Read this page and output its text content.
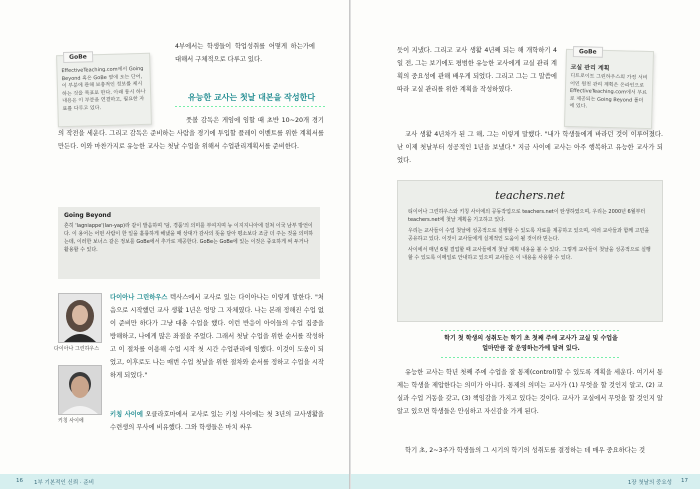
GoBe
EffectiveTeaching.com에서 Going Beyond 혹은 GoBe 옆에 오는 단어, 이 부분에 관해 보충적인 정보를 제시하는 것을 목표로 한다. 아래 동시 하나 내용은 이 부분을 연결하고, 필요한 자료를 다루고 있다.
4부에서는 학생들이 학업성취를 어떻게 하는가에 대해서 구체적으로 다루고 있다.
유능한 교사는 첫날 대본을 작성한다
풋볼 감독은 게임에 임할 때 초반 10~20개 경기의 작전을 세운다. 그리고 감독은 준비하는 사람을 경기에 투입할 플레이 이벤트를 위한 계획서를 만든다. 이와 마찬가지로 유능한 교사는 첫날 수업을 위해서 수업관리계획서를 준비한다.
Going Beyond
흔히 'lagniappe'(lan-yap)라 같이 발음하며 '덤, 경품'의 의미를 부여지며 뉴 이지지니아에 걸쳐 이국 남부 방언이다. 이 용어는 어떤 사람이 한 일을 훌륭하게 해냈을 때 상대가 감사의 뜻을 담아 평소보다 조금 더 주는 것을 의미하는데, 이러한 보너스 같은 정보를 GoBe에서 추가로 제공한다. GoBe는 GoBe에 있는 이것은 중요하게 써 두거나 활용할 수 있다.
다이아나 그린하우스
다이아나 그린하우스 텍사스에서 교사로 있는 다이아나는 이렇게 말한다. "처음으로 시작했던 교사 생활 1년은 엉망 그 자체였다. 나는 본래 정해진 수업 없이 준비만 하다가 그냥 대충 수업을 했다. 이런 반응이 아이들의 수업 집중을 방해하고, 나에게 많은 좌절을 주었다. 그래서 첫날 수업을 위한 순서를 작성하고 이 절차를 이용해 수업 시작 첫 시간 수업관리에 임했다. 이것이 도움이 되었고, 이후로도 나는 매번 수업 첫날을 위한 절차와 순서를 정하고 수업을 시작하게 되었다."
키칭 사이에
키칭 사이에 오클라호마에서 교사로 있는 키칭 사이에는 첫 3년의 교사생활을 수련생의 무사에 비유했다. 그와 학생들은 마치 싸우
16 1부 기본적인 신뢰 · 준비
듯이 지냈다. 그리고 교사 생활 4년째 되는 해 개학하기 4일 전, 그는 보기에도 평범한 유능한 교사에게 교실 관리 계획의 중요성에 관해 배우게 되었다. 그리고 그는 그 말씀에 따라 교실 관리를 위한 계획을 작성하였다.
GoBe
코실 관리 계획
디트로이트 그린하우스의 가정 서비어인 원천 관리 계획은 온라인으로 EffectiveTeaching.com에서 무료로 제공되는 Going Beyond 폴더에 있다.
교사 생활 4년차가 된 그 해, 그는 이렇게 말했다. "내가 학생들에게 바라던 것이 이루어졌다. 난 이제 첫날부터 성공적인 1년을 보냈다." 지금 사이에 교사는 아주 행복하고 유능한 교사가 되었다.
teachers.net
티이어나 그린하우스와 키칭 사이에의 공동작업으로 teachers.net이 탄생하였으며, 우리는 2000년 6월부터 teachers.net에 첫날 계획을 기고하고 있다.
우리는 교사들이 수업 첫날에 성공적으로 실행할 수 있도록 자료를 제공하고 있으며, 여러 교사들과 함께 고민을 공유하고 있다. 이것이 교사들에게 실제적인 도움이 될 것이라 믿는다.
사이에서 매년 6월 결업할 때 교사들에게 첫날 계획 내용을 볼 수 있다. 그렇게 교사들이 첫날을 성공적으로 실행할 수 있도록 이메일로 안내하고 있으며 교사들은 이 내용을 사용할 수 있다.
학기 첫 학생의 성취도는 학기 초 첫째 주에 교사가 교실 및 수업을 얼마만큼 잘 운영하는가에 달려 있다.
유능한 교사는 학년 첫째 주에 수업을 잘 통제(control)할 수 있도록 계획을 세운다. 여기서 통제는 학생을 제압한다는 의미가 아니다. 통제의 의미는 교사가 (1) 무엇을 할 것인지 알고, (2) 교실과 수업 거동을 갖고, (3) 책임감을 가지고 있다는 것이다. 교사가 교실에서 무엇을 할 것인지 알 알고 있으면 학생들은 안심하고 자신감을 가게 된다.
학기 초, 2~3주가 학생들의 그 시기의 학기의 성취도를 결정하는 데 매우 중요하다는 것
1장 첫날의 중요성 17
